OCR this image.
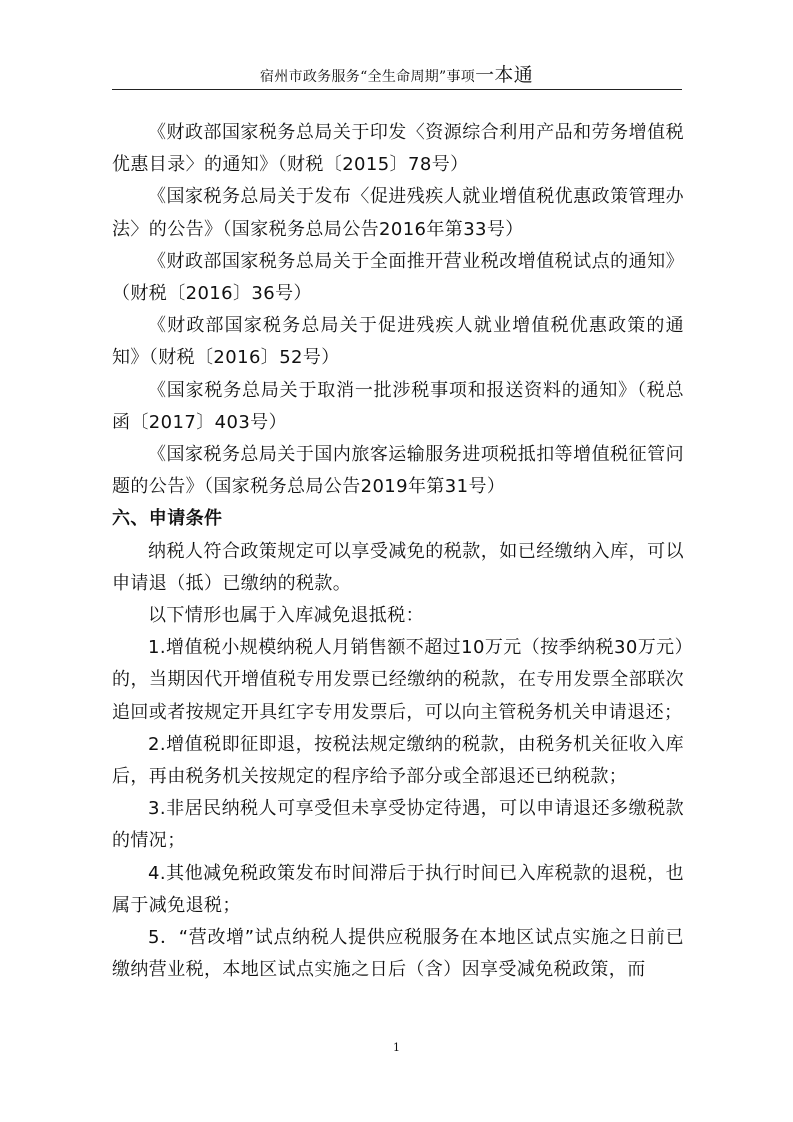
宿州市政务服务“全生命周期”事项一本通

《财政部国家税务总局关于印发〈资源综合利用产品和劳务增值税优惠目录〉的通知》（财税〔2015〕78号）

《国家税务总局关于发布〈促进残疾人就业增值税优惠政策管理办法〉的公告》（国家税务总局公告2016年第33号）

《财政部国家税务总局关于全面推开营业税改增值税试点的通知》（财税〔2016〕36号）

《财政部国家税务总局关于促进残疾人就业增值税优惠政策的通知》（财税〔2016〕52号）

《国家税务总局关于取消一批涉税事项和报送资料的通知》（税总函〔2017〕403号）

《国家税务总局关于国内旅客运输服务进项税抵扣等增值税征管问题的公告》（国家税务总局公告2019年第31号）

六、申请条件

纳税人符合政策规定可以享受减免的税款，如已经缴纳入库，可以申请退（抵）已缴纳的税款。

以下情形也属于入库减免退抵税：

1.增值税小规模纳税人月销售额不超过10万元（按季纳税30万元）的，当期因代开增值税专用发票已经缴纳的税款，在专用发票全部联次追回或者按规定开具红字专用发票后，可以向主管税务机关申请退还；

2.增值税即征即退，按税法规定缴纳的税款，由税务机关征收入库后，再由税务机关按规定的程序给予部分或全部退还已纳税款；

3.非居民纳税人可享受但未享受协定待遇，可以申请退还多缴税款的情况；

4.其他减免税政策发布时间滞后于执行时间已入库税款的退税，也属于减免退税；

5．“营改增”试点纳税人提供应税服务在本地区试点实施之日前已缴纳营业税，本地区试点实施之日后（含）因享受减免税政策，而

1
